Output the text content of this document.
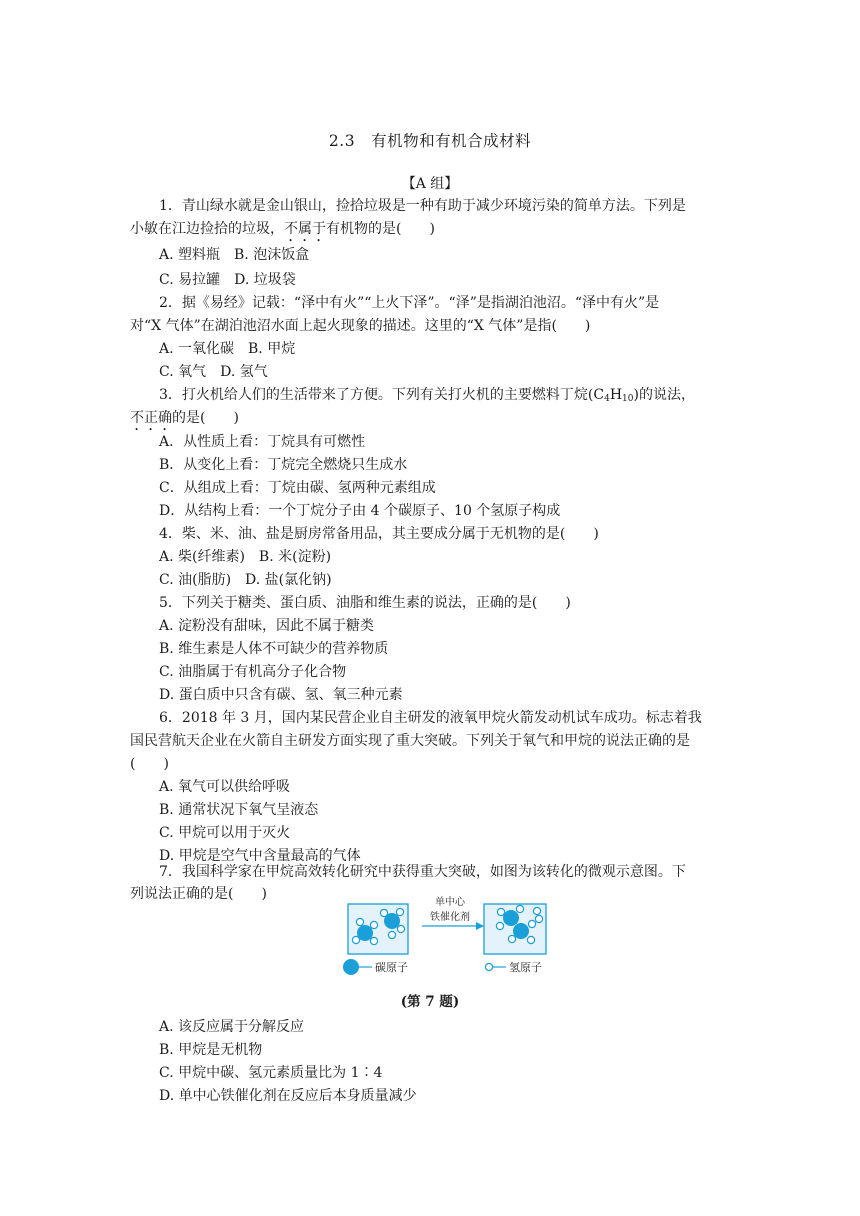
2.3　有机物和有机合成材料
【A 组】
1．青山绿水就是金山银山，捡拾垃圾是一种有助于减少环境污染的简单方法。下列是
小敏在江边捡拾的垃圾，不属于有机物的是(　　)
A. 塑料瓶　B. 泡沫饭盒
C. 易拉罐　D. 垃圾袋
2．据《易经》记载：“泽中有火”“上火下泽”。“泽”是指湖泊池沼。“泽中有火”是
对“X 气体”在湖泊池沼水面上起火现象的描述。这里的“X 气体”是指(　　)
A. 一氧化碳　B. 甲烷
C. 氧气　D. 氢气
3．打火机给人们的生活带来了方便。下列有关打火机的主要燃料丁烷$(C_4H_{10})$的说法，
不正确的是(　　)
A．从性质上看：丁烷具有可燃性
B．从变化上看：丁烷完全燃烧只生成水
C．从组成上看：丁烷由碳、氢两种元素组成
D．从结构上看：一个丁烷分子由 4 个碳原子、10 个氢原子构成
4．柴、米、油、盐是厨房常备用品，其主要成分属于无机物的是(　　)
A. 柴(纤维素)　B. 米(淀粉)
C. 油(脂肪)　D. 盐(氯化钠)
5．下列关于糖类、蛋白质、油脂和维生素的说法，正确的是(　　)
A. 淀粉没有甜味，因此不属于糖类
B. 维生素是人体不可缺少的营养物质
C. 油脂属于有机高分子化合物
D. 蛋白质中只含有碳、氢、氧三种元素
6．2018 年 3 月，国内某民营企业自主研发的液氧甲烷火箭发动机试车成功。标志着我
国民营航天企业在火箭自主研发方面实现了重大突破。下列关于氧气和甲烷的说法正确的是
(　　)
A. 氧气可以供给呼吸
B. 通常状况下氧气呈液态
C. 甲烷可以用于灭火
D. 甲烷是空气中含量最高的气体
7．我国科学家在甲烷高效转化研究中获得重大突破，如图为该转化的微观示意图。下
列说法正确的是(　　)
单中心
铁催化剂
碳原子	氢原子
(第 7 题)
A. 该反应属于分解反应
B. 甲烷是无机物
C. 甲烷中碳、氢元素质量比为 1∶4
D. 单中心铁催化剂在反应后本身质量减少
